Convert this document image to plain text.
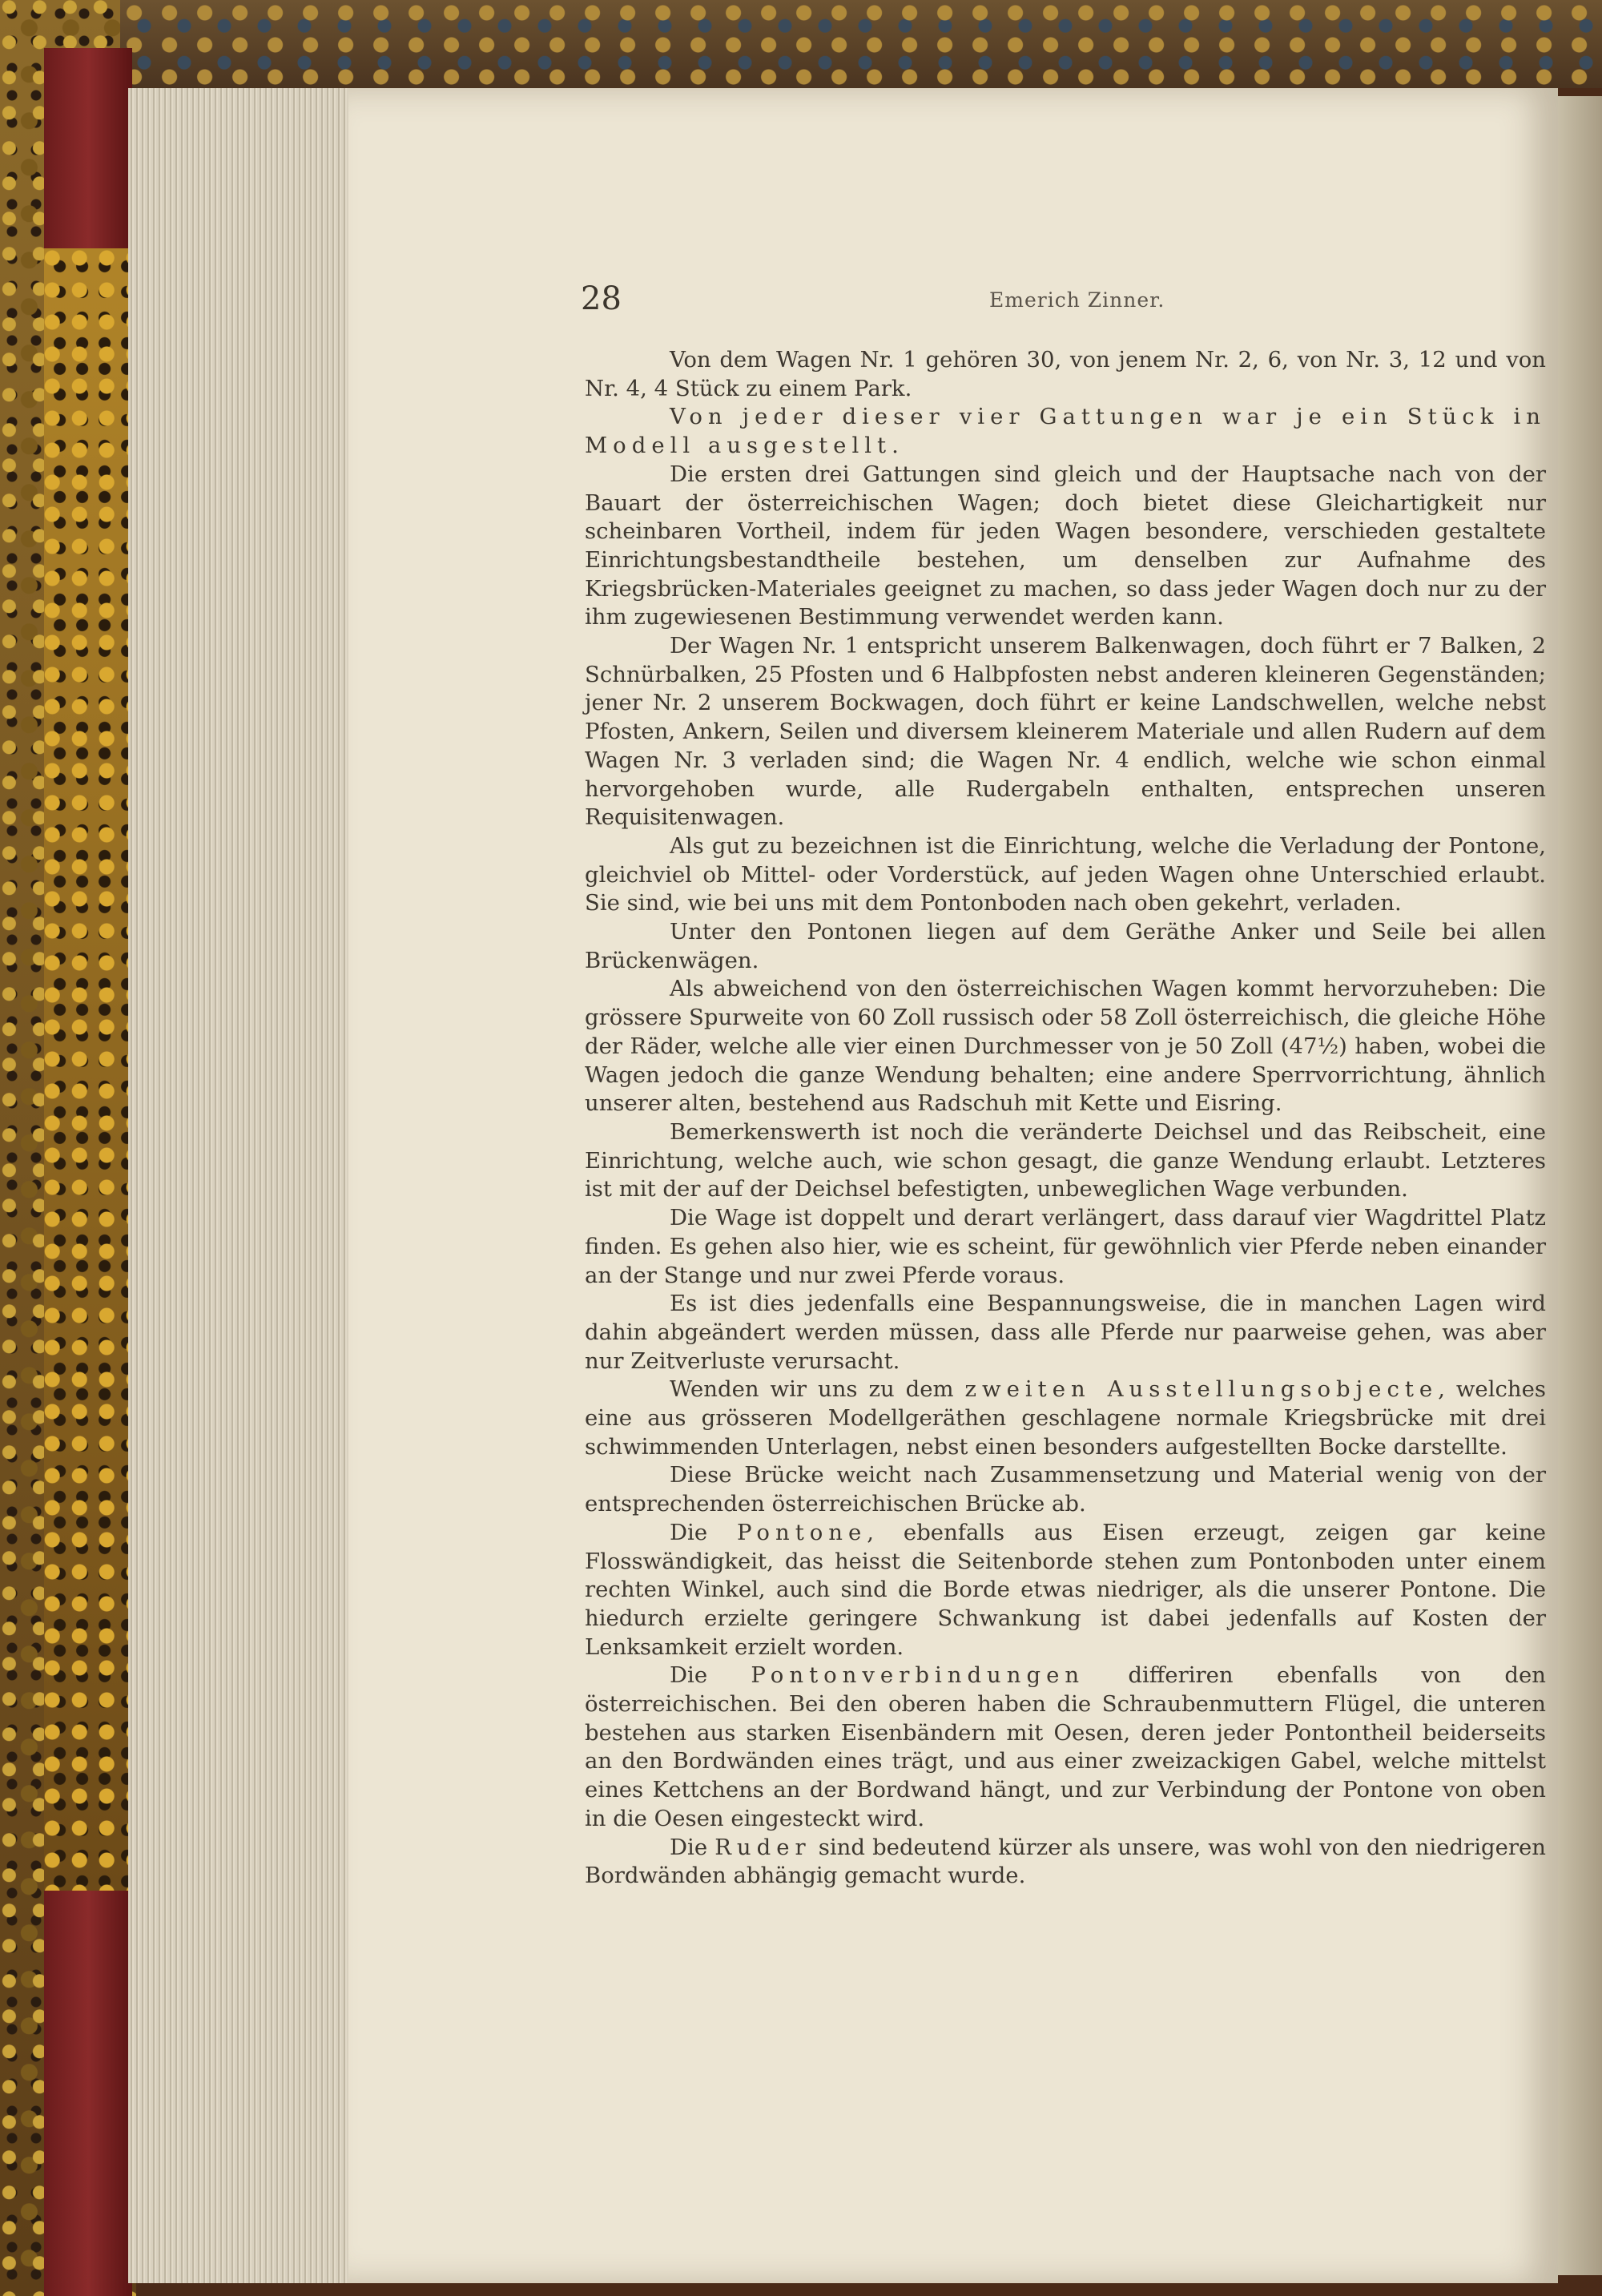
28	Emerich Zinner.

Von dem Wagen Nr. 1 gehören 30, von jenem Nr. 2, 6, von Nr. 3, 12 und von Nr. 4, 4 Stück zu einem Park.

Von jeder dieser vier Gattungen war je ein Stück in Modell ausgestellt.

Die ersten drei Gattungen sind gleich und der Hauptsache nach von der Bauart der österreichischen Wagen; doch bietet diese Gleichartigkeit nur scheinbaren Vortheil, indem für jeden Wagen besondere, verschieden gestaltete Einrichtungsbestandtheile bestehen, um denselben zur Aufnahme des Kriegsbrücken-Materiales geeignet zu machen, so dass jeder Wagen doch nur zu der ihm zugewiesenen Bestimmung verwendet werden kann.

Der Wagen Nr. 1 entspricht unserem Balkenwagen, doch führt er 7 Balken, 2 Schnürbalken, 25 Pfosten und 6 Halbpfosten nebst anderen kleineren Gegenständen; jener Nr. 2 unserem Bockwagen, doch führt er keine Landschwellen, welche nebst Pfosten, Ankern, Seilen und diversem kleinerem Materiale und allen Rudern auf dem Wagen Nr. 3 verladen sind; die Wagen Nr. 4 endlich, welche wie schon einmal hervorgehoben wurde, alle Rudergabeln enthalten, entsprechen unseren Requisitenwagen.

Als gut zu bezeichnen ist die Einrichtung, welche die Verladung der Pontone, gleichviel ob Mittel- oder Vorderstück, auf jeden Wagen ohne Unterschied erlaubt. Sie sind, wie bei uns mit dem Pontonboden nach oben gekehrt, verladen.

Unter den Pontonen liegen auf dem Geräthe Anker und Seile bei allen Brückenwägen.

Als abweichend von den österreichischen Wagen kommt hervorzuheben: Die grössere Spurweite von 60 Zoll russisch oder 58 Zoll österreichisch, die gleiche Höhe der Räder, welche alle vier einen Durchmesser von je 50 Zoll (47½) haben, wobei die Wagen jedoch die ganze Wendung behalten; eine andere Sperrvorrichtung, ähnlich unserer alten, bestehend aus Radschuh mit Kette und Eisring.

Bemerkenswerth ist noch die veränderte Deichsel und das Reibscheit, eine Einrichtung, welche auch, wie schon gesagt, die ganze Wendung erlaubt. Letzteres ist mit der auf der Deichsel befestigten, unbeweglichen Wage verbunden.

Die Wage ist doppelt und derart verlängert, dass darauf vier Wagdrittel Platz finden. Es gehen also hier, wie es scheint, für gewöhnlich vier Pferde neben einander an der Stange und nur zwei Pferde voraus.

Es ist dies jedenfalls eine Bespannungsweise, die in manchen Lagen wird dahin abgeändert werden müssen, dass alle Pferde nur paarweise gehen, was aber nur Zeitverluste verursacht.

Wenden wir uns zu dem zweiten Ausstellungsobjecte, welches eine aus grösseren Modellgeräthen geschlagene normale Kriegsbrücke mit drei schwimmenden Unterlagen, nebst einen besonders aufgestellten Bocke darstellte.

Diese Brücke weicht nach Zusammensetzung und Material wenig von der entsprechenden österreichischen Brücke ab.

Die Pontone, ebenfalls aus Eisen erzeugt, zeigen gar keine Flosswändigkeit, das heisst die Seitenborde stehen zum Pontonboden unter einem rechten Winkel, auch sind die Borde etwas niedriger, als die unserer Pontone. Die hiedurch erzielte geringere Schwankung ist dabei jedenfalls auf Kosten der Lenksamkeit erzielt worden.

Die Pontonverbindungen differiren ebenfalls von den österreichischen. Bei den oberen haben die Schraubenmuttern Flügel, die unteren bestehen aus starken Eisenbändern mit Oesen, deren jeder Pontontheil beiderseits an den Bordwänden eines trägt, und aus einer zweizackigen Gabel, welche mittelst eines Kettchens an der Bordwand hängt, und zur Verbindung der Pontone von oben in die Oesen eingesteckt wird.

Die Ruder sind bedeutend kürzer als unsere, was wohl von den niedrigeren Bordwänden abhängig gemacht wurde.
